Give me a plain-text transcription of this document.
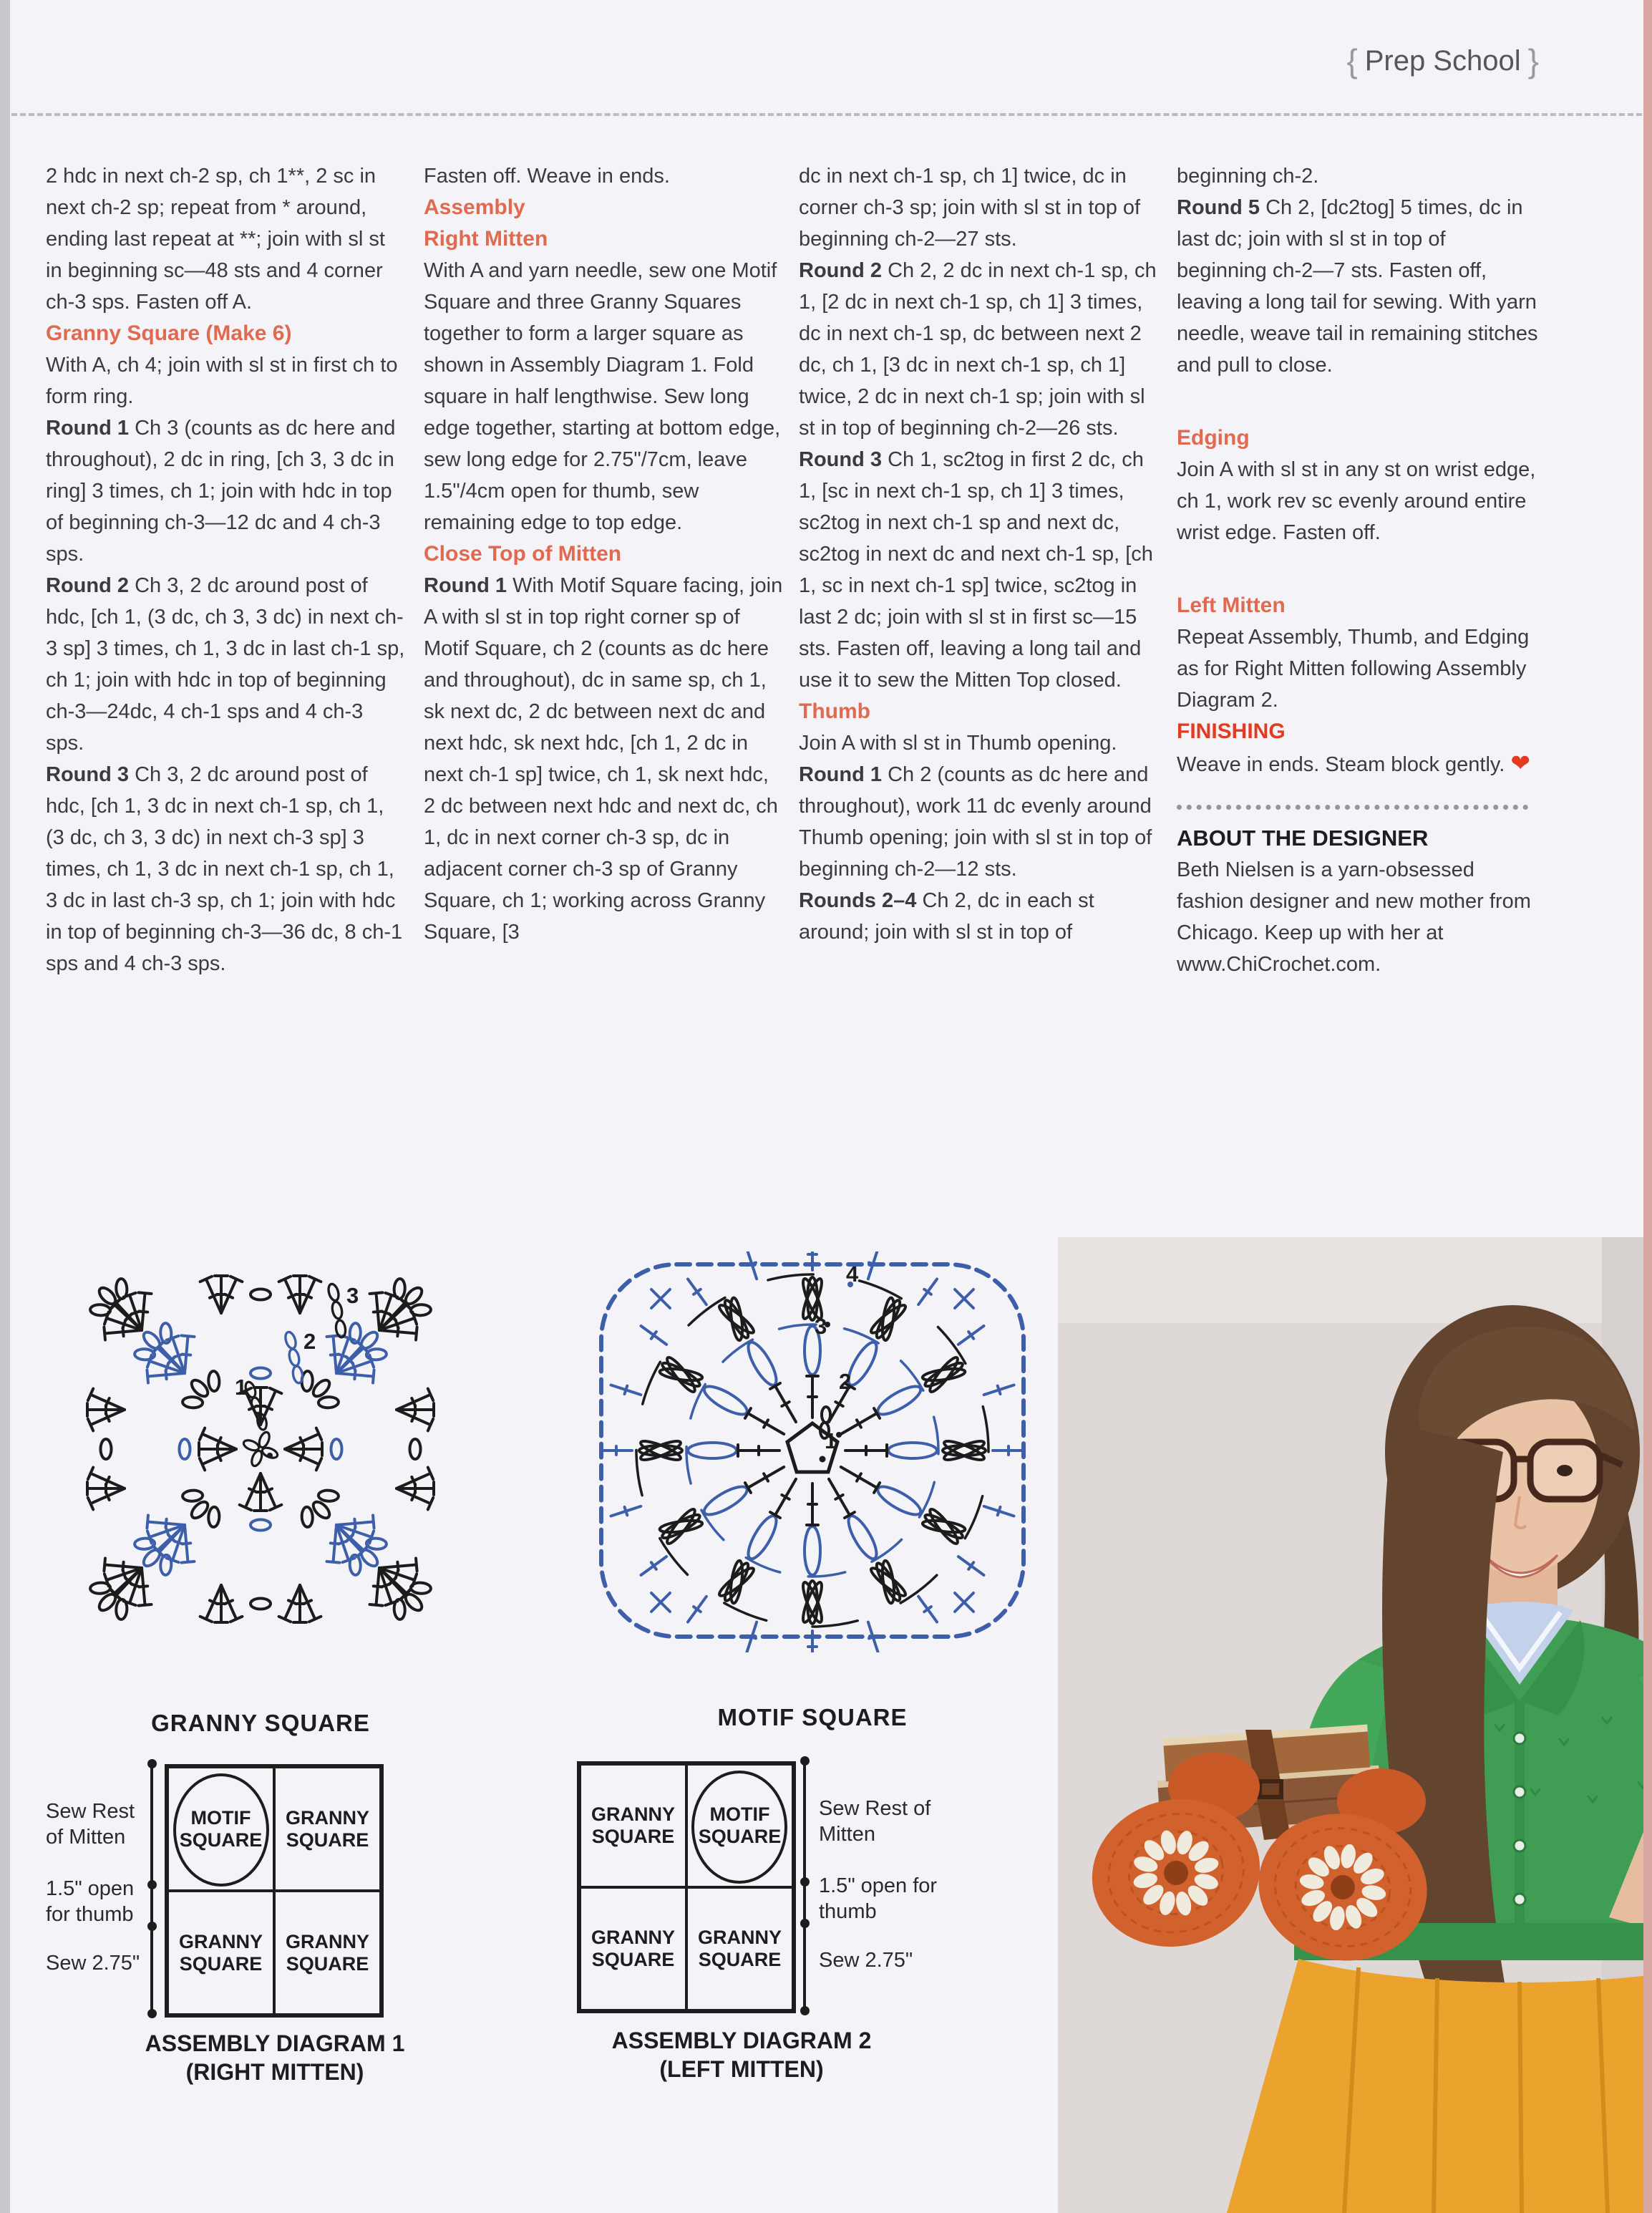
{ Prep School }

2 hdc in next ch-2 sp, ch 1**, 2 sc in next ch-2 sp; repeat from * around, ending last repeat at **; join with sl st in beginning sc—48 sts and 4 corner ch-3 sps. Fasten off A.

Granny Square (Make 6)

With A, ch 4; join with sl st in first ch to form ring.

Round 1 Ch 3 (counts as dc here and throughout), 2 dc in ring, [ch 3, 3 dc in ring] 3 times, ch 1; join with hdc in top of beginning ch-3—12 dc and 4 ch-3 sps.

Round 2 Ch 3, 2 dc around post of hdc, [ch 1, (3 dc, ch 3, 3 dc) in next ch-3 sp] 3 times, ch 1, 3 dc in last ch-1 sp, ch 1; join with hdc in top of beginning ch-3—24dc, 4 ch-1 sps and 4 ch-3 sps.

Round 3 Ch 3, 2 dc around post of hdc, [ch 1, 3 dc in next ch-1 sp, ch 1, (3 dc, ch 3, 3 dc) in next ch-3 sp] 3 times, ch 1, 3 dc in next ch-1 sp, ch 1, 3 dc in last ch-3 sp, ch 1; join with hdc in top of beginning ch-3—36 dc, 8 ch-1 sps and 4 ch-3 sps.

Fasten off. Weave in ends.

Assembly

Right Mitten

With A and yarn needle, sew one Motif Square and three Granny Squares together to form a larger square as shown in Assembly Diagram 1. Fold square in half lengthwise. Sew long edge together, starting at bottom edge, sew long edge for 2.75"/7cm, leave 1.5"/4cm open for thumb, sew remaining edge to top edge.

Close Top of Mitten

Round 1 With Motif Square facing, join A with sl st in top right corner sp of Motif Square, ch 2 (counts as dc here and throughout), dc in same sp, ch 1, sk next dc, 2 dc between next dc and next hdc, sk next hdc, [ch 1, 2 dc in next ch-1 sp] twice, ch 1, sk next hdc, 2 dc between next hdc and next dc, ch 1, dc in next corner ch-3 sp, dc in adjacent corner ch-3 sp of Granny Square, ch 1; working across Granny Square, [3

dc in next ch-1 sp, ch 1] twice, dc in corner ch-3 sp; join with sl st in top of beginning ch-2—27 sts.

Round 2 Ch 2, 2 dc in next ch-1 sp, ch 1, [2 dc in next ch-1 sp, ch 1] 3 times, dc in next ch-1 sp, dc between next 2 dc, ch 1, [3 dc in next ch-1 sp, ch 1] twice, 2 dc in next ch-1 sp; join with sl st in top of beginning ch-2—26 sts.

Round 3 Ch 1, sc2tog in first 2 dc, ch 1, [sc in next ch-1 sp, ch 1] 3 times, sc2tog in next ch-1 sp and next dc, sc2tog in next dc and next ch-1 sp, [ch 1, sc in next ch-1 sp] twice, sc2tog in last 2 dc; join with sl st in first sc—15 sts. Fasten off, leaving a long tail and use it to sew the Mitten Top closed.

Thumb

Join A with sl st in Thumb opening.

Round 1 Ch 2 (counts as dc here and throughout), work 11 dc evenly around Thumb opening; join with sl st in top of beginning ch-2—12 sts.

Rounds 2–4 Ch 2, dc in each st around; join with sl st in top of

beginning ch-2.

Round 5 Ch 2, [dc2tog] 5 times, dc in last dc; join with sl st in top of beginning ch-2—7 sts. Fasten off, leaving a long tail for sewing. With yarn needle, weave tail in remaining stitches and pull to close.

Edging

Join A with sl st in any st on wrist edge, ch 1, work rev sc evenly around entire wrist edge. Fasten off.

Left Mitten

Repeat Assembly, Thumb, and Edging as for Right Mitten following Assembly Diagram 2.

FINISHING

Weave in ends. Steam block gently. ❤

ABOUT THE DESIGNER

Beth Nielsen is a yarn-obsessed fashion designer and new mother from Chicago. Keep up with her at www.ChiCrochet.com.

1
2
3
GRANNY SQUARE
1
2
3
4
MOTIF SQUARE
MOTIF SQUARE
GRANNY SQUARE
GRANNY SQUARE
GRANNY SQUARE
Sew Rest of Mitten
1.5" open for thumb
Sew 2.75"
ASSEMBLY DIAGRAM 1
(RIGHT MITTEN)
GRANNY SQUARE
MOTIF SQUARE
GRANNY SQUARE
GRANNY SQUARE
Sew Rest of Mitten
1.5" open for thumb
Sew 2.75"
ASSEMBLY DIAGRAM 2
(LEFT MITTEN)
